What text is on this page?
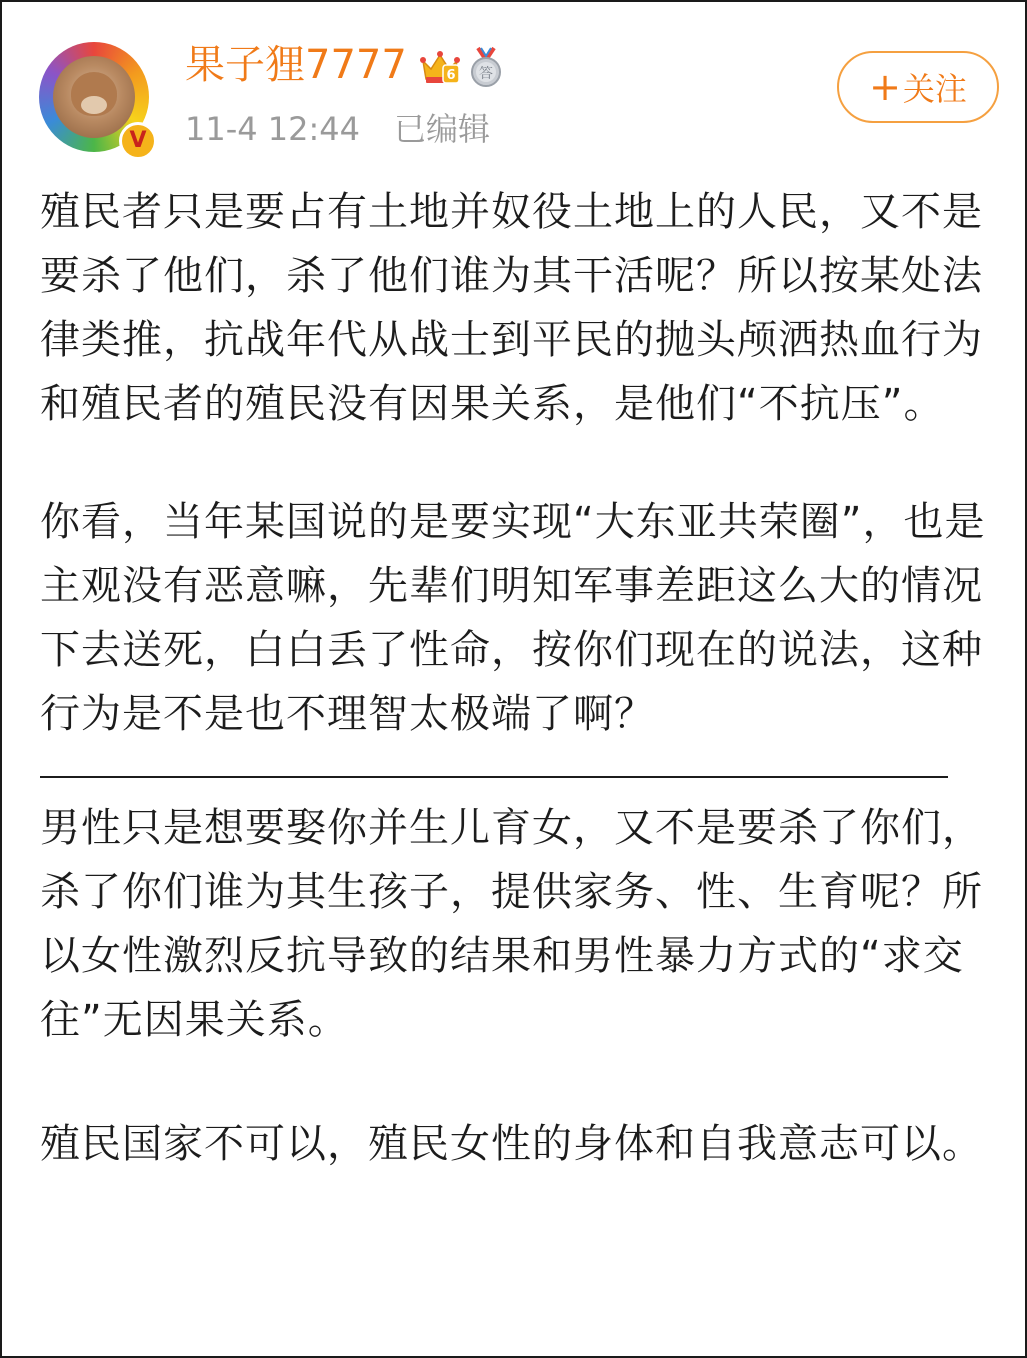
V
果子狸7777	6 答
11-4 12:44 已编辑
+关注

殖民者只是要占有土地并奴役土地上的人民，又不是要杀了他们，杀了他们谁为其干活呢？所以按某处法律类推，抗战年代从战士到平民的抛头颅洒热血行为和殖民者的殖民没有因果关系，是他们“不抗压”。

你看，当年某国说的是要实现“大东亚共荣圈”，也是主观没有恶意嘛，先辈们明知军事差距这么大的情况下去送死，白白丢了性命，按你们现在的说法，这种行为是不是也不理智太极端了啊？

男性只是想要娶你并生儿育女，又不是要杀了你们，杀了你们谁为其生孩子，提供家务、性、生育呢？所以女性激烈反抗导致的结果和男性暴力方式的“求交往”无因果关系。

殖民国家不可以，殖民女性的身体和自我意志可以。
